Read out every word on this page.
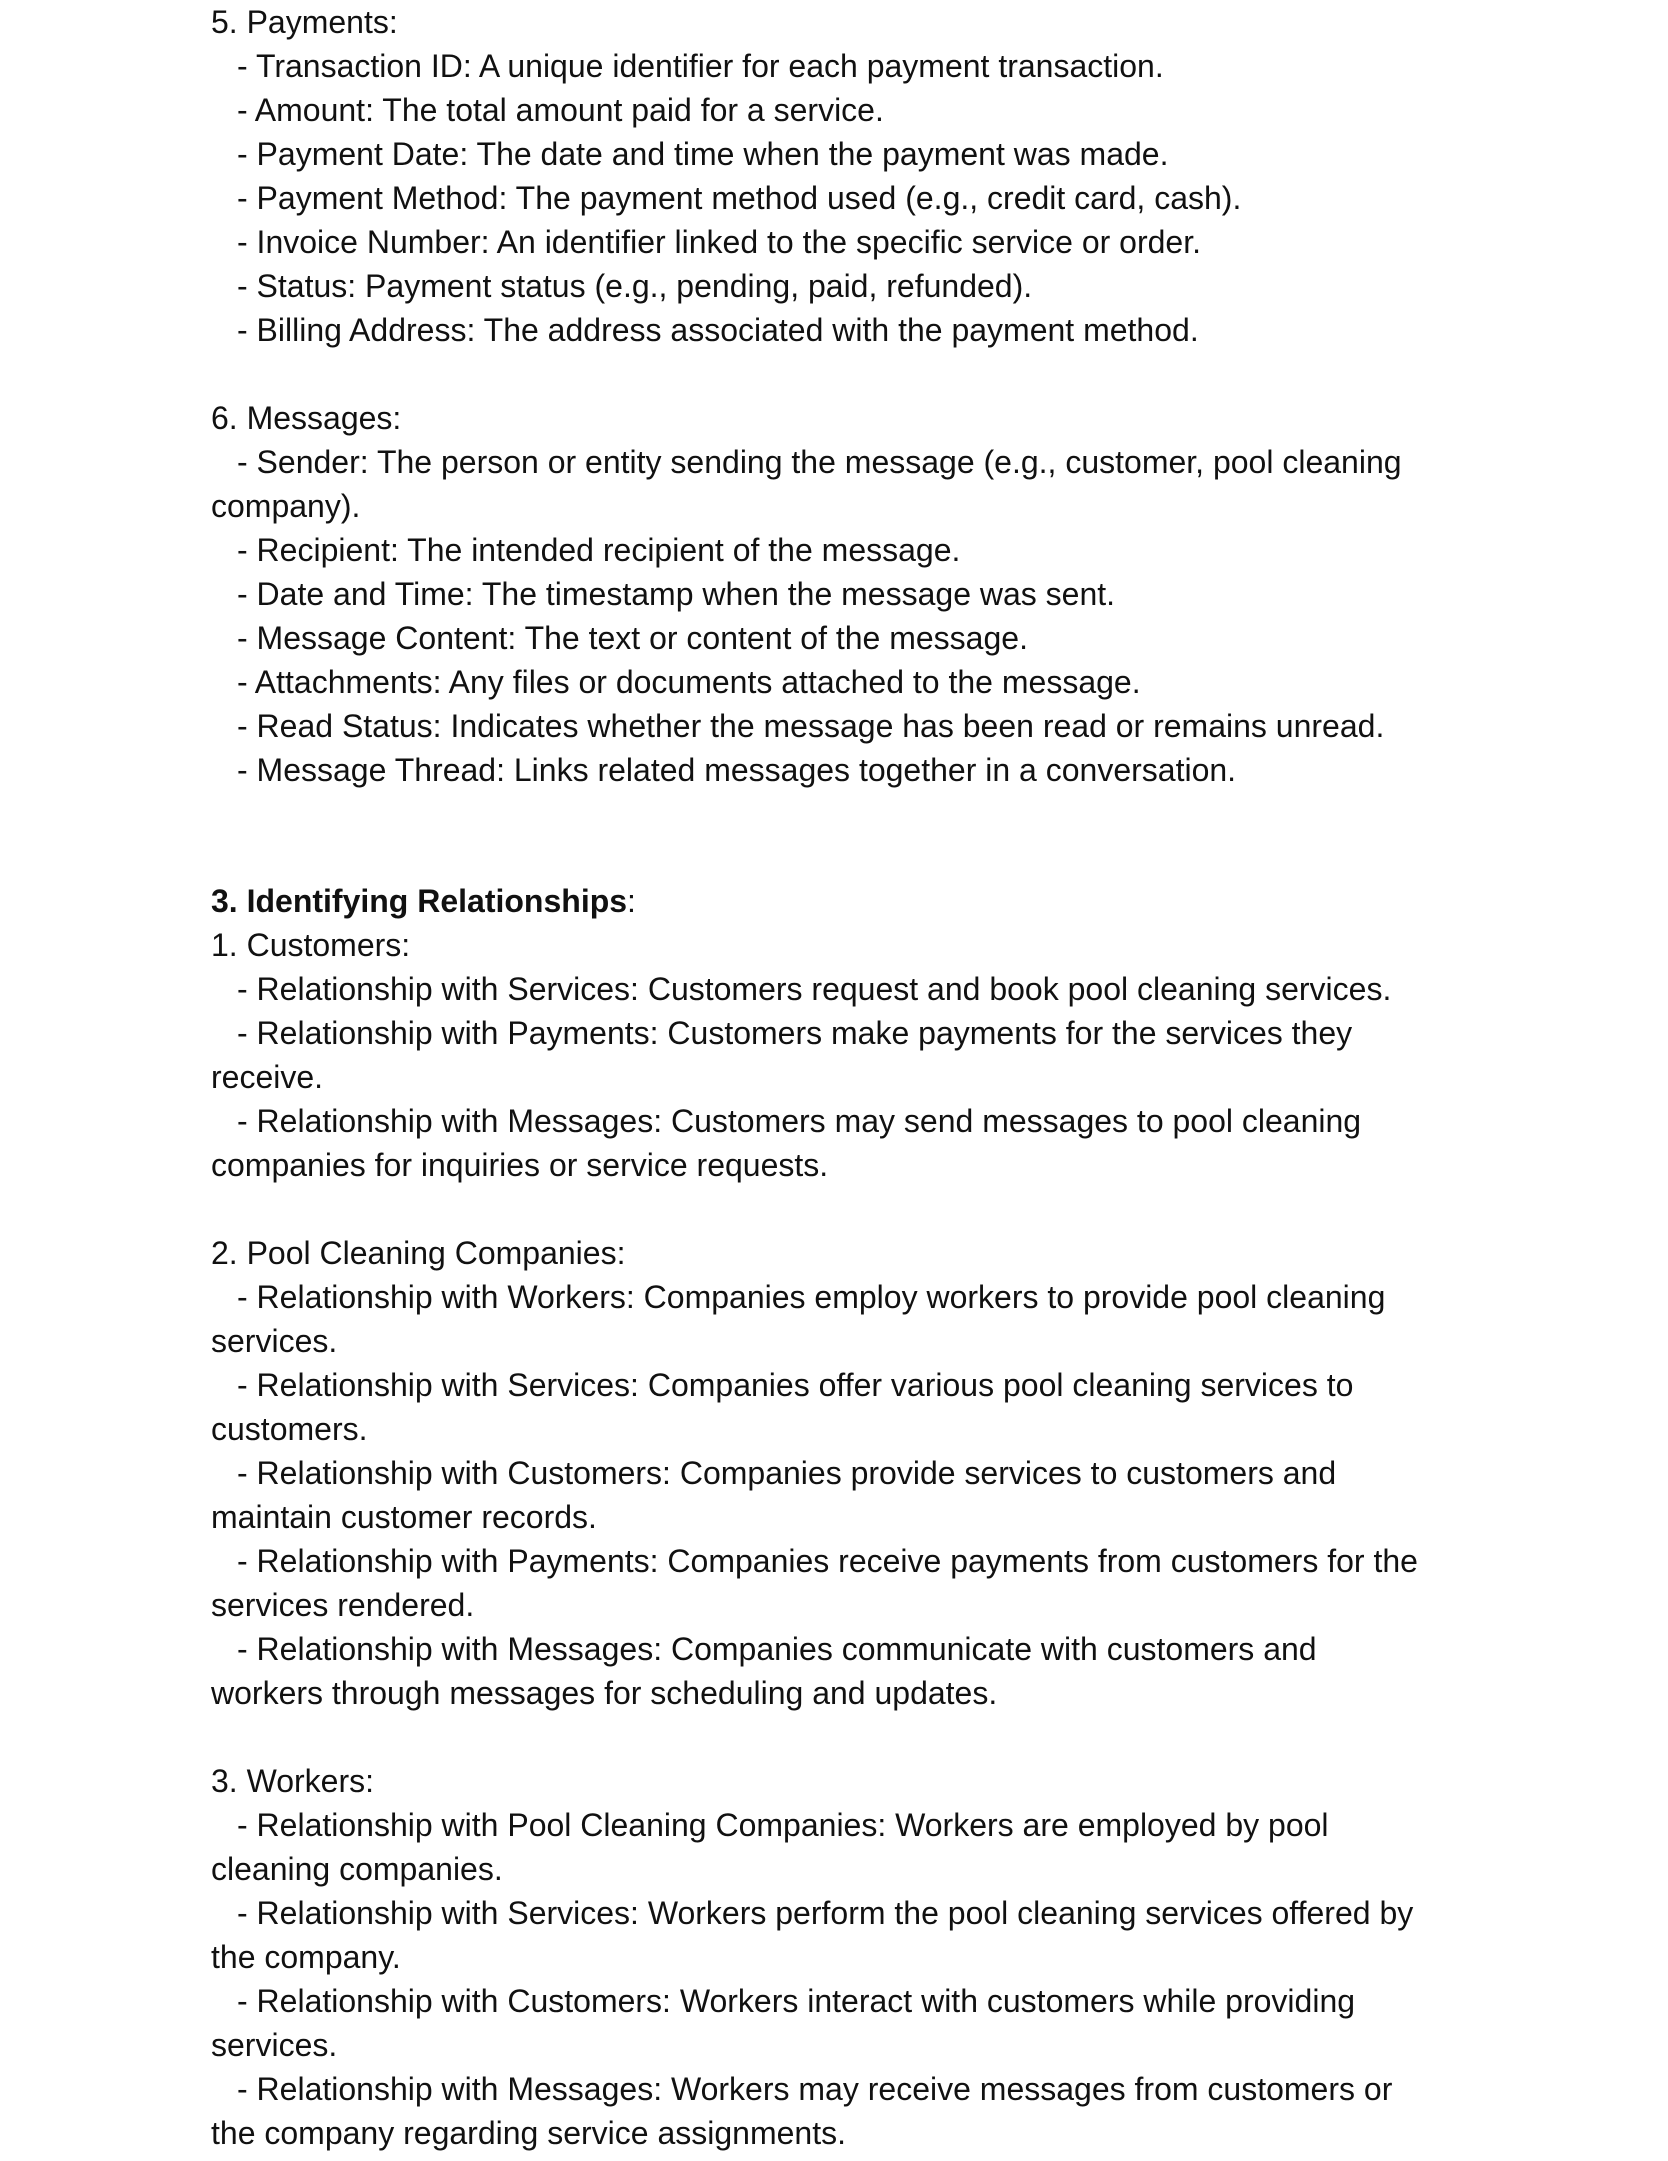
5. Payments:
- Transaction ID: A unique identifier for each payment transaction.
- Amount: The total amount paid for a service.
- Payment Date: The date and time when the payment was made.
- Payment Method: The payment method used (e.g., credit card, cash).
- Invoice Number: An identifier linked to the specific service or order.
- Status: Payment status (e.g., pending, paid, refunded).
- Billing Address: The address associated with the payment method.
6. Messages:
- Sender: The person or entity sending the message (e.g., customer, pool cleaning
company).
- Recipient: The intended recipient of the message.
- Date and Time: The timestamp when the message was sent.
- Message Content: The text or content of the message.
- Attachments: Any files or documents attached to the message.
- Read Status: Indicates whether the message has been read or remains unread.
- Message Thread: Links related messages together in a conversation.
3. Identifying Relationships:
1. Customers:
- Relationship with Services: Customers request and book pool cleaning services.
- Relationship with Payments: Customers make payments for the services they
receive.
- Relationship with Messages: Customers may send messages to pool cleaning
companies for inquiries or service requests.
2. Pool Cleaning Companies:
- Relationship with Workers: Companies employ workers to provide pool cleaning
services.
- Relationship with Services: Companies offer various pool cleaning services to
customers.
- Relationship with Customers: Companies provide services to customers and
maintain customer records.
- Relationship with Payments: Companies receive payments from customers for the
services rendered.
- Relationship with Messages: Companies communicate with customers and
workers through messages for scheduling and updates.
3. Workers:
- Relationship with Pool Cleaning Companies: Workers are employed by pool
cleaning companies.
- Relationship with Services: Workers perform the pool cleaning services offered by
the company.
- Relationship with Customers: Workers interact with customers while providing
services.
- Relationship with Messages: Workers may receive messages from customers or
the company regarding service assignments.
